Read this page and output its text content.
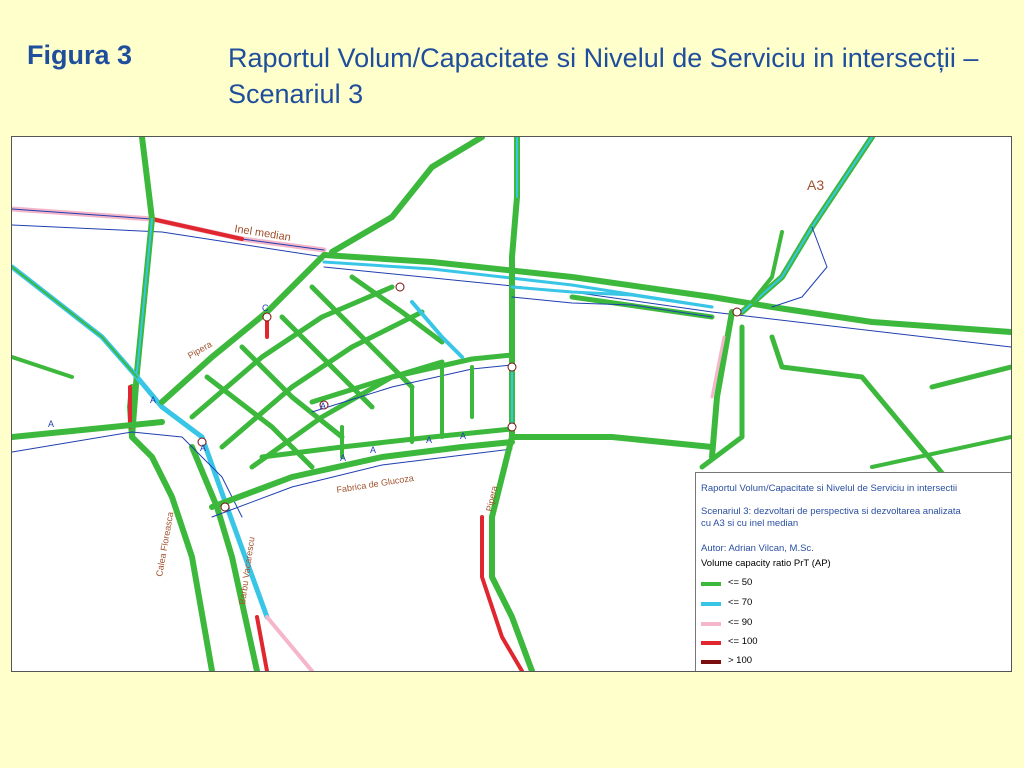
Figura 3	Raportul Volum/Capacitate si Nivelul de Serviciu in intersecții – Scenariul 3
C
A
A
A
A
A
A
A	A
A3
Inel median
Pipera
Pipera
Fabrica de Glucoza
Calea Floreasca	Barbu Vacarescu
Raportul Volum/Capacitate si Nivelul de Serviciu in intersectii
Scenariul 3: dezvoltari de perspectiva si dezvoltarea analizata
cu A3 si cu inel median
Autor: Adrian Vilcan, M.Sc.
Volume capacity ratio PrT (AP)
<= 50
<= 70
<= 90
<= 100
> 100
